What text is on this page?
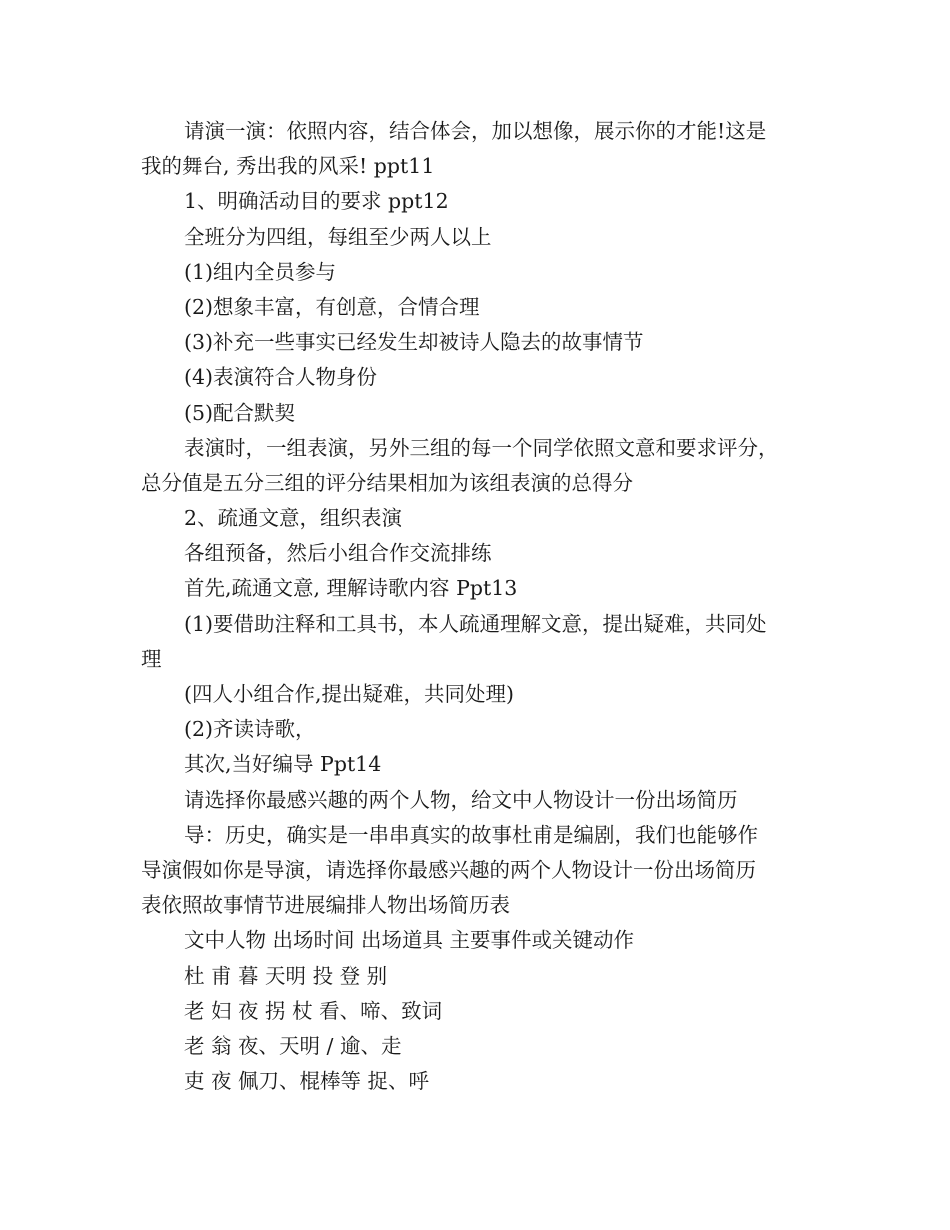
请演一演：依照内容，结合体会，加以想像，展示你的才能!这是

我的舞台, 秀出我的风采! ppt11

1、明确活动目的要求 ppt12

全班分为四组，每组至少两人以上

(1)组内全员参与

(2)想象丰富，有创意，合情合理

(3)补充一些事实已经发生却被诗人隐去的故事情节

(4)表演符合人物身份

(5)配合默契

表演时，一组表演，另外三组的每一个同学依照文意和要求评分，

总分值是五分三组的评分结果相加为该组表演的总得分

2、疏通文意，组织表演

各组预备，然后小组合作交流排练

首先,疏通文意, 理解诗歌内容 Ppt13

(1)要借助注释和工具书，本人疏通理解文意，提出疑难，共同处

理

(四人小组合作,提出疑难，共同处理)

(2)齐读诗歌，

其次,当好编导 Ppt14

请选择你最感兴趣的两个人物，给文中人物设计一份出场简历

导：历史，确实是一串串真实的故事杜甫是编剧，我们也能够作

导演假如你是导演，请选择你最感兴趣的两个人物设计一份出场简历

表依照故事情节进展编排人物出场简历表

文中人物 出场时间 出场道具 主要事件或关键动作

杜 甫 暮 天明 投 登 别

老 妇 夜 拐 杖 看、啼、致词

老 翁 夜、天明 / 逾、走

吏 夜 佩刀、棍棒等 捉、呼
